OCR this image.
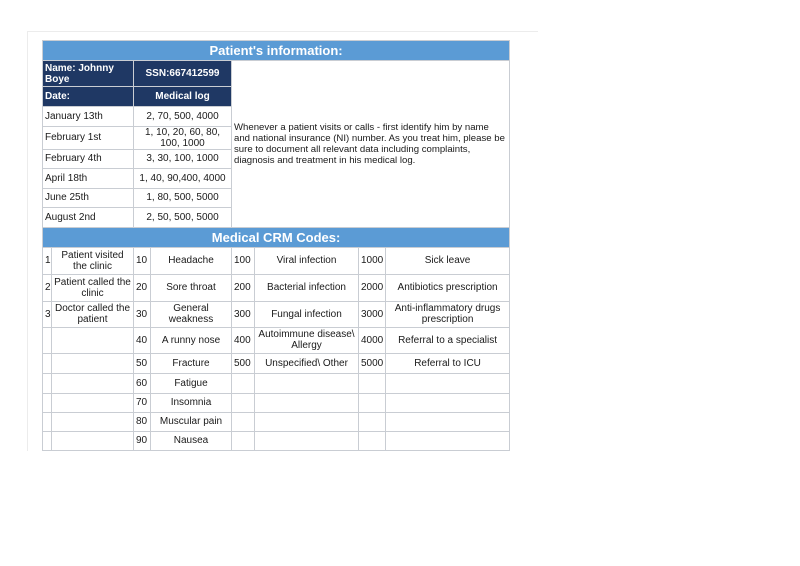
Patient's information:							
Name: Johnny Boye		SSN:667412599		Whenever a patient visits or calls - first identify him by name and national insurance (NI) number. As you treat him, please be sure to document all relevant data including complaints, diagnosis and treatment in his medical log.			
Date:		Medical log					
January 13th		2, 70, 500, 4000					
February 1st		1, 10, 20, 60, 80, 100, 1000					
February 4th		3, 30, 100, 1000					
April 18th		1, 40, 90,400, 4000					
June 25th		1, 80, 500, 5000					
August 2nd		2, 50, 500, 5000					
Medical CRM Codes:							
1	Patient visited the clinic	10	Headache	100	Viral infection	1000	Sick leave
2	Patient called the clinic	20	Sore throat	200	Bacterial infection	2000	Antibiotics prescription
3	Doctor called the patient	30	General weakness	300	Fungal infection	3000	Anti-inflammatory drugs prescription
		40	A runny nose	400	Autoimmune disease\ Allergy	4000	Referral to a specialist
		50	Fracture	500	Unspecified\ Other	5000	Referral to ICU
		60	Fatigue				
		70	Insomnia				
		80	Muscular pain				
		90	Nausea				
